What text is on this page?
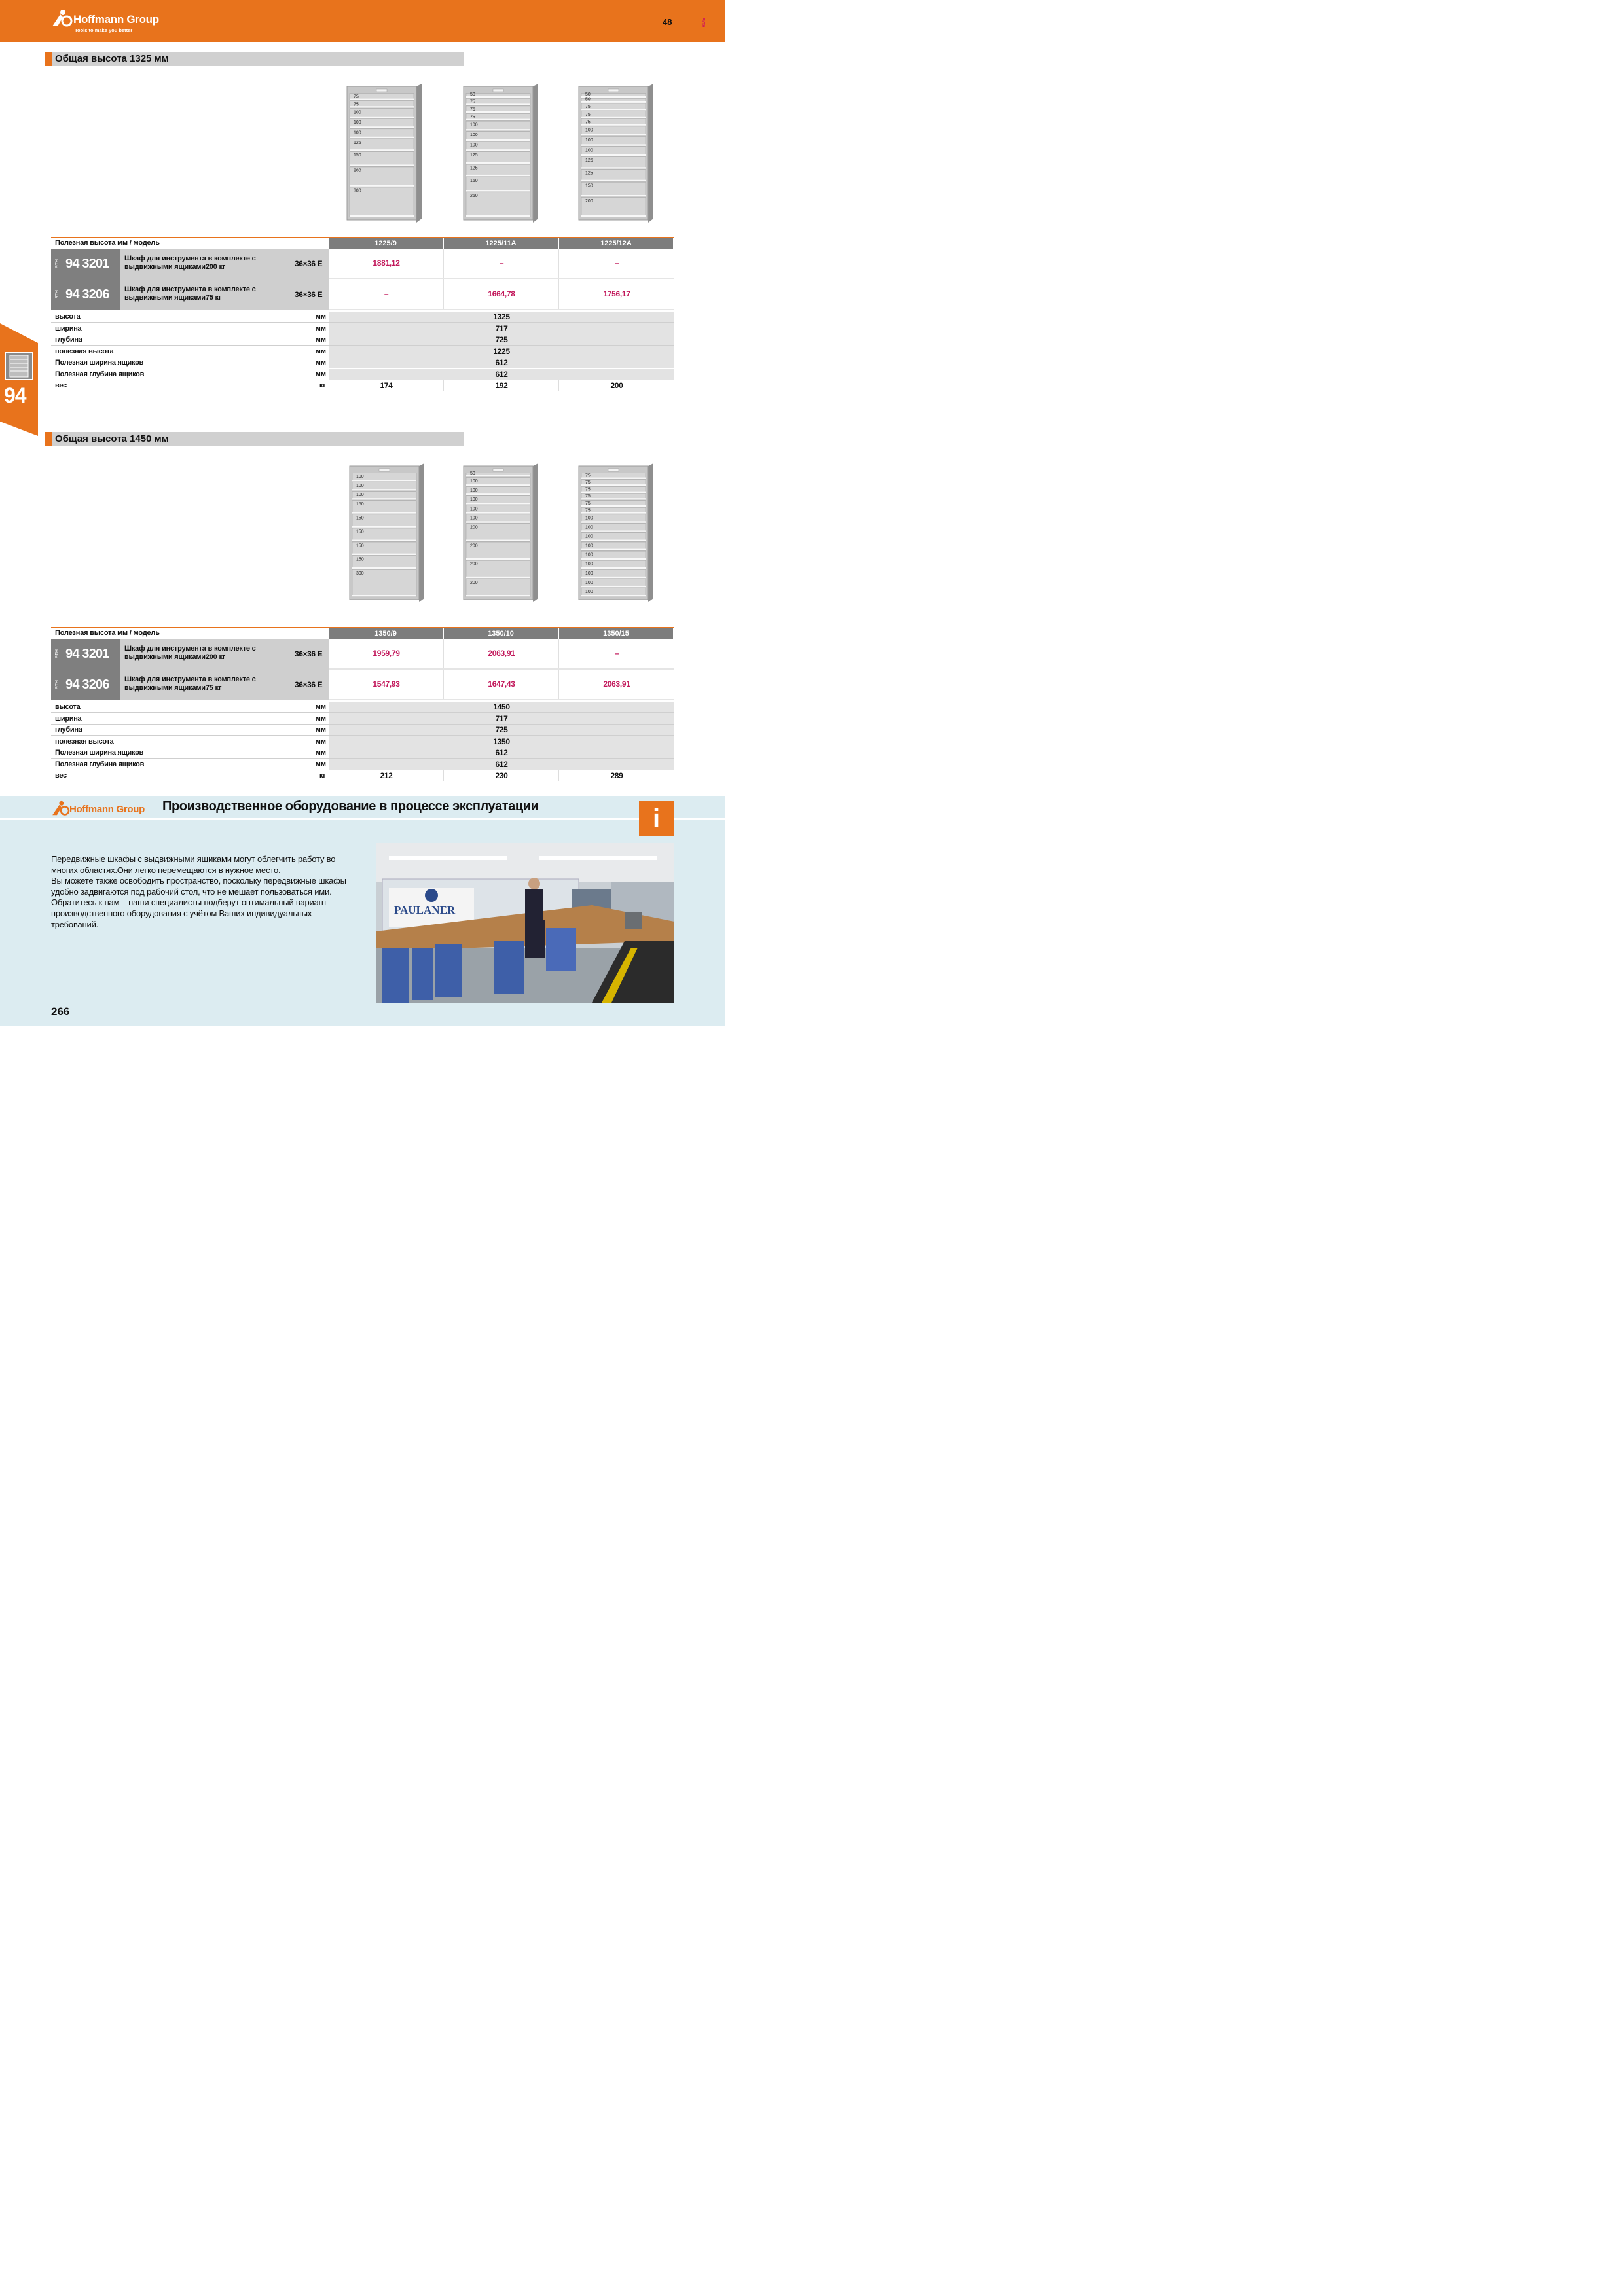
Hoffmann Group
Tools to make you better
48	RUE
94
Общая высота 1325 мм
75
75
100
100
100
125
150
200
300
50
75
75
75
100
100
100
125
125
150
250
50
50
75
75
75
100
100
100
125
125
150
200
Полезная высота мм / модель	1225/9	1225/11A	1225/12A
9TH 94 3201 Шкаф для инструмента в комплекте с выдвижными ящиками200 кг	36×36 E	1881,12	–	–
9TH 94 3206 Шкаф для инструмента в комплекте с выдвижными ящиками75 кг	36×36 E	–	1664,78	1756,17
высота	мм	1325
ширина	мм	717
глубина	мм	725
полезная высота	мм	1225
Полезная ширина ящиков	мм	612
Полезная глубина ящиков	мм	612
вес	кг	174	192	200
Общая высота 1450 мм
100
100
100
150
150
150
150
150
300
50
100
100
100
100
100
200
200
200
200
75
75
75
75
75
75
100
100
100
100
100
100
100
100
100
Полезная высота мм / модель	1350/9	1350/10	1350/15
9TH 94 3201 Шкаф для инструмента в комплекте с выдвижными ящиками200 кг	36×36 E	1959,79	2063,91	–
9TH 94 3206 Шкаф для инструмента в комплекте с выдвижными ящиками75 кг	36×36 E	1547,93	1647,43	2063,91
высота	мм	1450
ширина	мм	717
глубина	мм	725
полезная высота	мм	1350
Полезная ширина ящиков	мм	612
Полезная глубина ящиков	мм	612
вес	кг	212	230	289
Hoffmann Group Производственное оборудование в процессе эксплуатации	i
Передвижные шкафы с выдвижными ящиками могут облегчить работу во
многих областях.Они легко перемещаются в нужное место.
Вы можете также освободить пространство, поскольку передвижные шкафы
удобно задвигаются под рабочий стол, что не мешает пользоваться ими.
Обратитесь к нам – наши специалисты подберут оптимальный вариант
производственного оборудования с учётом Ваших индивидуальных
требований.
PAULANER
266
